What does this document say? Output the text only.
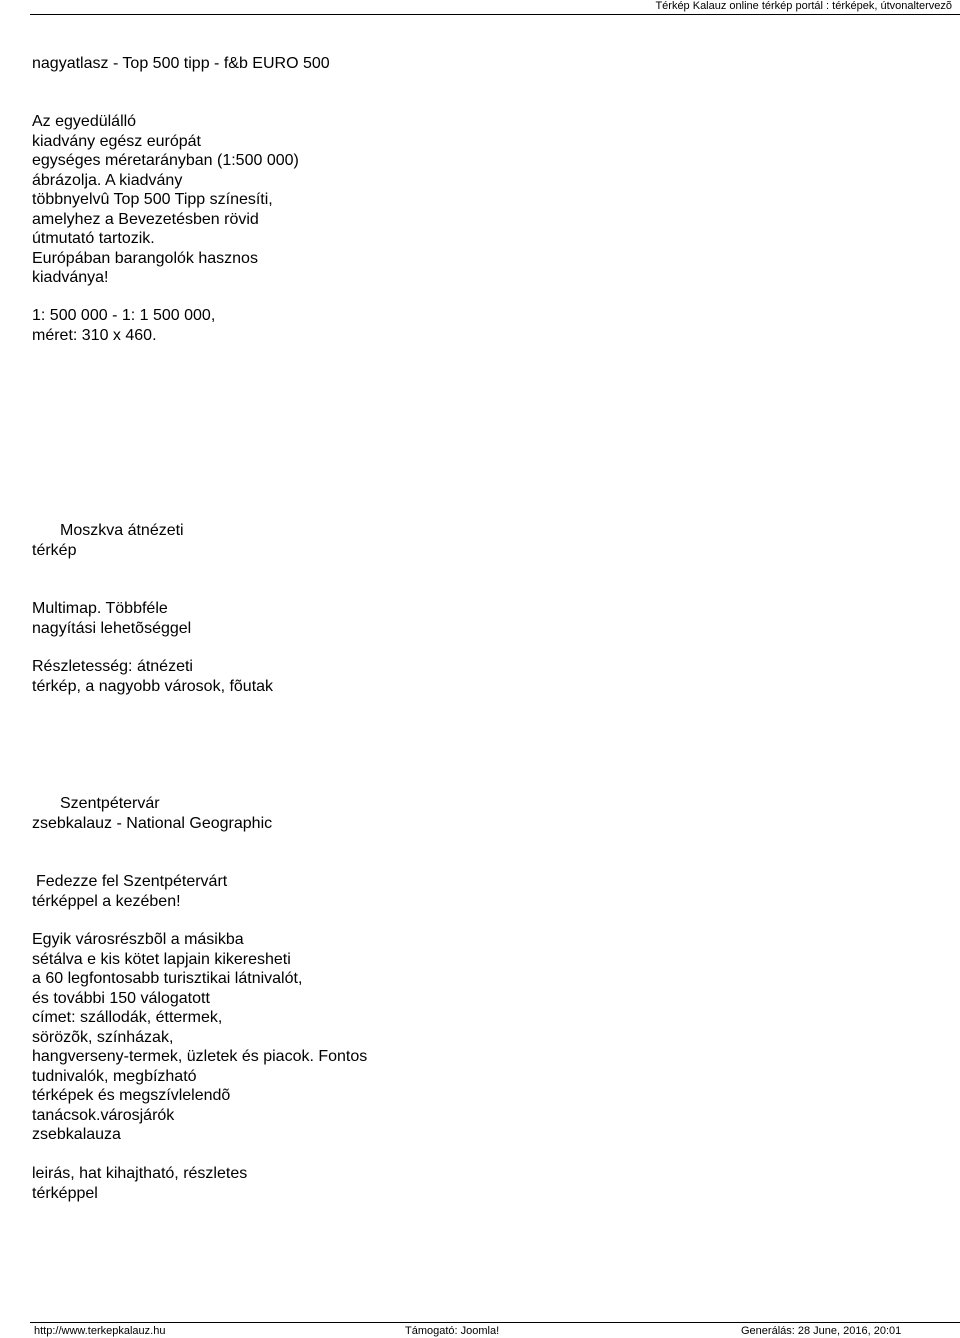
Térkép Kalauz online térkép portál : térképek, útvonaltervezõ
nagyatlasz - Top 500 tipp - f&b EURO 500
Az egyedülálló
kiadvány egész európát
egységes méretarányban (1:500 000)
ábrázolja. A kiadvány
többnyelvû Top 500 Tipp színesíti,
amelyhez a Bevezetésben rövid
útmutató tartozik.
Európában barangolók hasznos
kiadványa!
1: 500 000 - 1: 1 500 000,
méret: 310 x 460.
Moszkva átnézeti
térkép
Multimap. Többféle
nagyítási lehetõséggel
Részletesség: átnézeti
térkép, a nagyobb városok, fõutak
Szentpétervár
zsebkalauz - National Geographic
Fedezze fel Szentpétervárt
térképpel a kezében!
Egyik városrészbõl a másikba
sétálva e kis kötet lapjain kikeresheti
a 60 legfontosabb turisztikai látnivalót,
és további 150 válogatott
címet: szállodák, éttermek,
sörözõk, színházak,
hangverseny-termek, üzletek és piacok. Fontos
tudnivalók, megbízható
térképek és megszívlelendõ
tanácsok.városjárók
zsebkalauza
leirás, hat kihajtható, részletes
térképpel
http://www.terkepkalauz.hu	Támogató: Joomla!	Generálás: 28 June, 2016, 20:01
